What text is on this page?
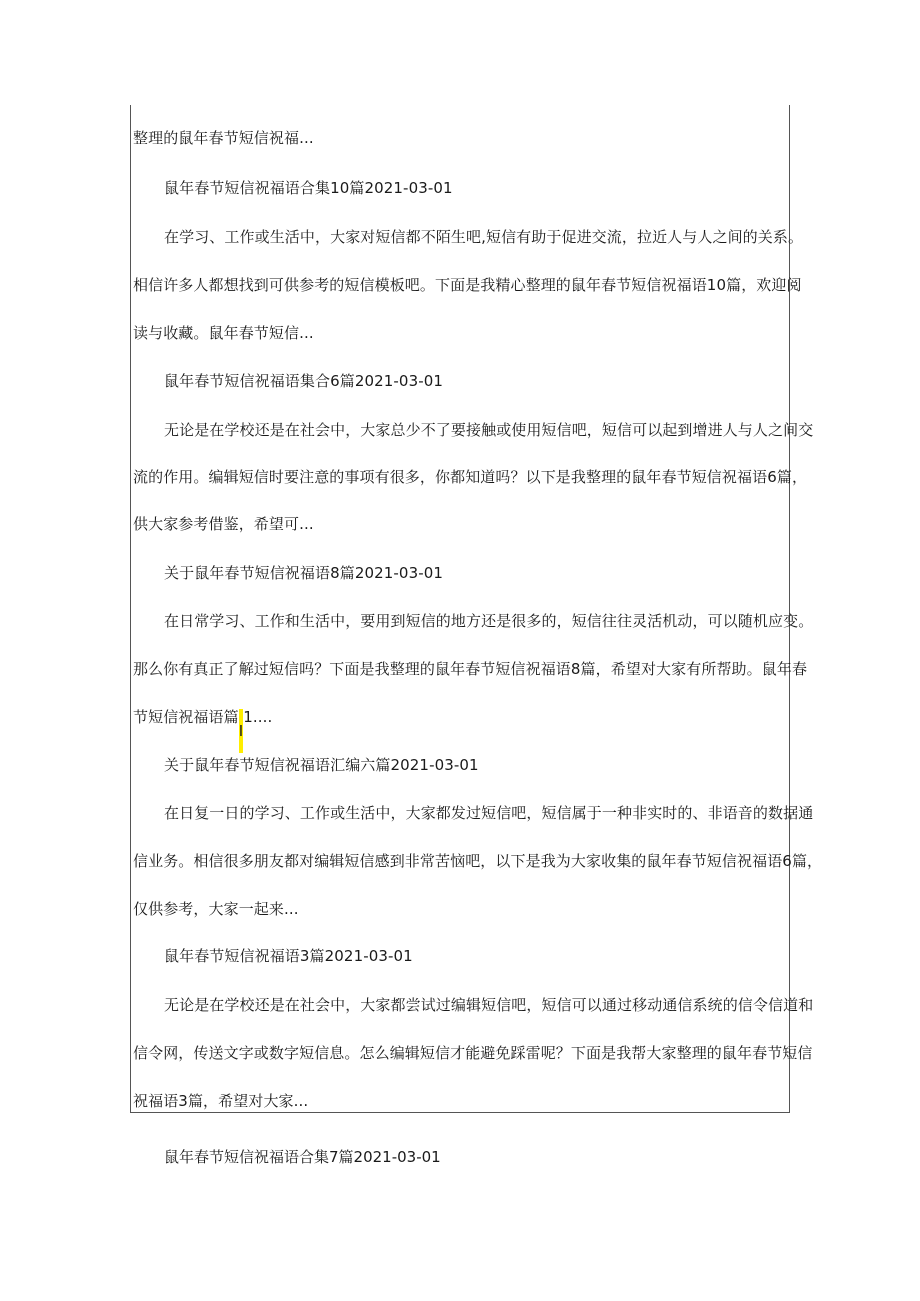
整理的鼠年春节短信祝福...
鼠年春节短信祝福语合集10篇2021-03-01
在学习、工作或生活中，大家对短信都不陌生吧,短信有助于促进交流，拉近人与人之间的关系。
相信许多人都想找到可供参考的短信模板吧。下面是我精心整理的鼠年春节短信祝福语10篇，欢迎阅
读与收藏。鼠年春节短信...
鼠年春节短信祝福语集合6篇2021-03-01
无论是在学校还是在社会中，大家总少不了要接触或使用短信吧，短信可以起到增进人与人之间交
流的作用。编辑短信时要注意的事项有很多，你都知道吗？以下是我整理的鼠年春节短信祝福语6篇，
供大家参考借鉴，希望可...
关于鼠年春节短信祝福语8篇2021-03-01
在日常学习、工作和生活中，要用到短信的地方还是很多的，短信往往灵活机动，可以随机应变。
那么你有真正了解过短信吗？下面是我整理的鼠年春节短信祝福语8篇，希望对大家有所帮助。鼠年春
节短信祝福语篇I1....
关于鼠年春节短信祝福语汇编六篇2021-03-01
在日复一日的学习、工作或生活中，大家都发过短信吧，短信属于一种非实时的、非语音的数据通
信业务。相信很多朋友都对编辑短信感到非常苦恼吧，以下是我为大家收集的鼠年春节短信祝福语6篇，
仅供参考，大家一起来...
鼠年春节短信祝福语3篇2021-03-01
无论是在学校还是在社会中，大家都尝试过编辑短信吧，短信可以通过移动通信系统的信令信道和
信令网，传送文字或数字短信息。怎么编辑短信才能避免踩雷呢？下面是我帮大家整理的鼠年春节短信
祝福语3篇，希望对大家...
鼠年春节短信祝福语合集7篇2021-03-01
